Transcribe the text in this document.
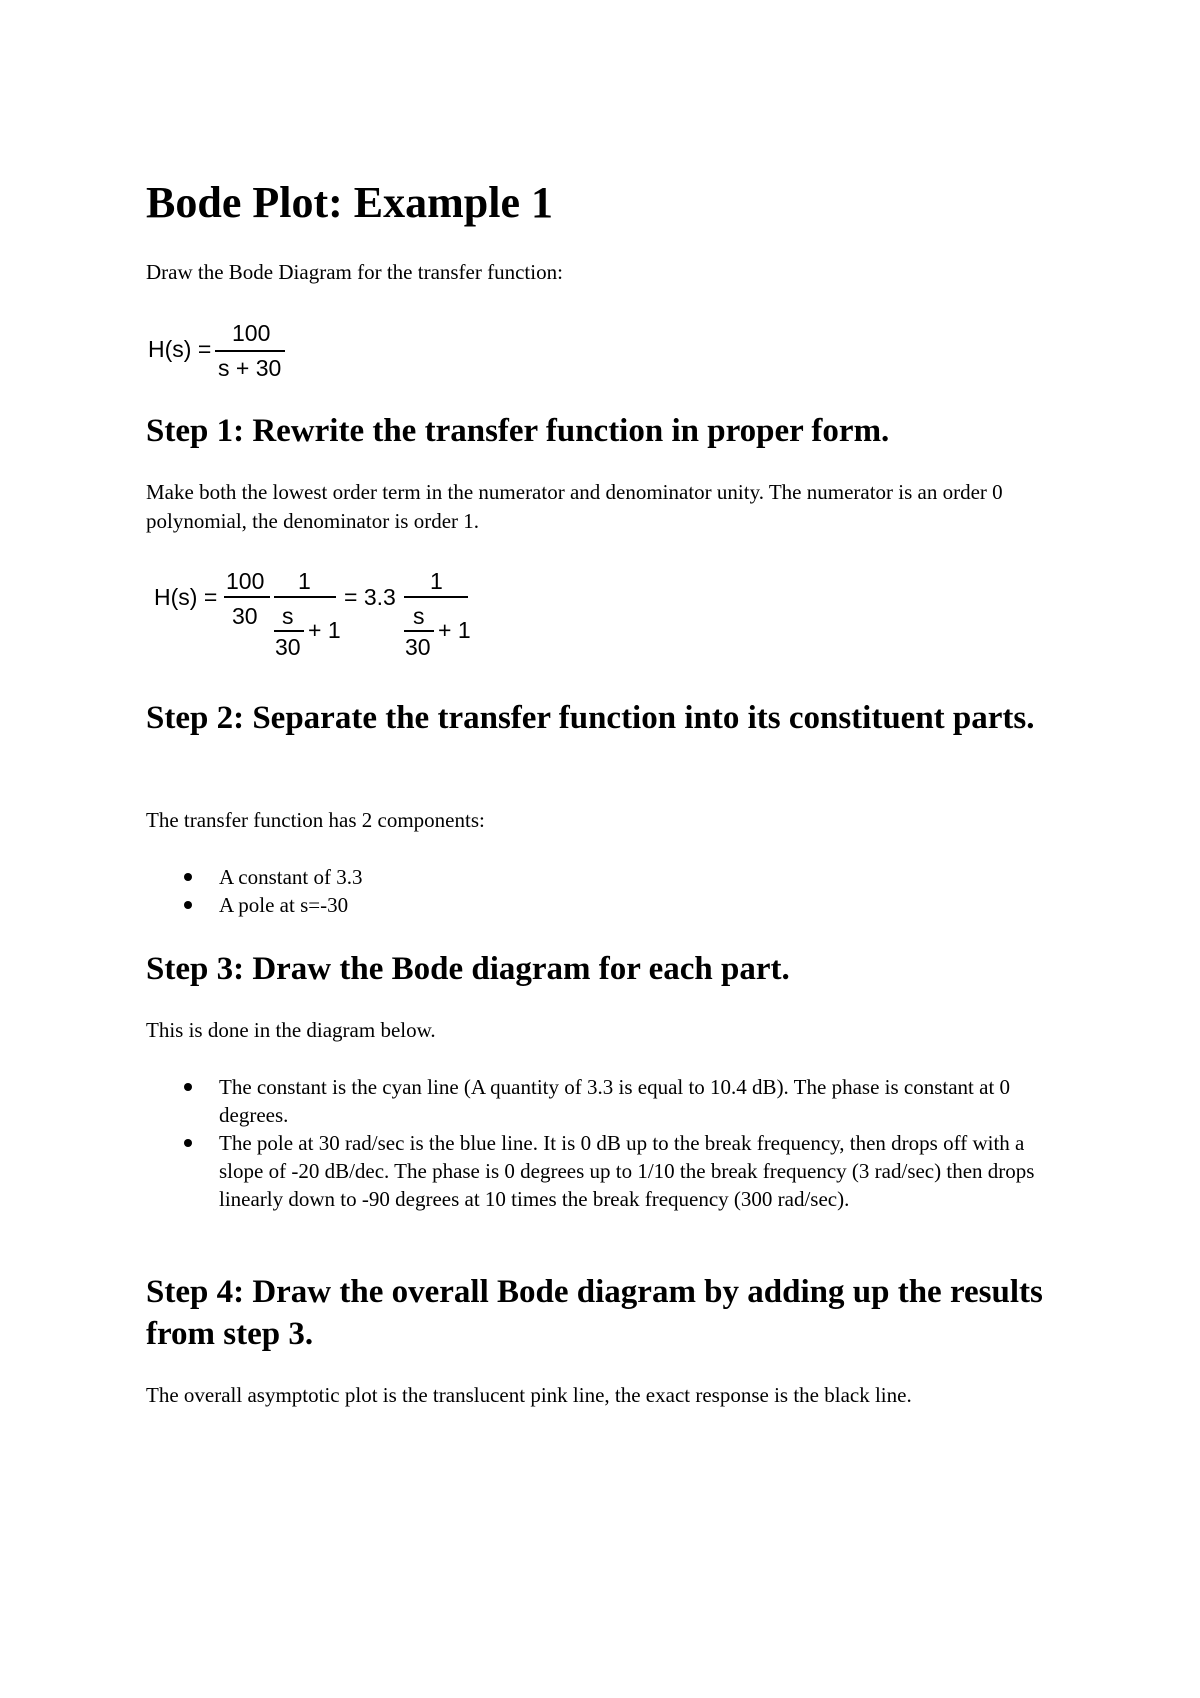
Bode Plot: Example 1

Draw the Bode Diagram for the transfer function:

H(s) =
100
s + 30
Step 1: Rewrite the transfer function in proper form.

Make both the lowest order term in the numerator and denominator unity. The numerator is an order 0 polynomial, the denominator is order 1.

H(s) =
100
30
1
s
30
+ 1
= 3.3
1
s
30
+ 1
Step 2: Separate the transfer function into its constituent parts.

The transfer function has 2 components:

A constant of 3.3
A pole at s=-30
Step 3: Draw the Bode diagram for each part.

This is done in the diagram below.

The constant is the cyan line (A quantity of 3.3 is equal to 10.4 dB). The phase is constant at 0 degrees.
The pole at 30 rad/sec is the blue line. It is 0 dB up to the break frequency, then drops off with a slope of -20 dB/dec. The phase is 0 degrees up to 1/10 the break frequency (3 rad/sec) then drops linearly down to -90 degrees at 10 times the break frequency (300 rad/sec).
Step 4: Draw the overall Bode diagram by adding up the results from step 3.

The overall asymptotic plot is the translucent pink line, the exact response is the black line.
